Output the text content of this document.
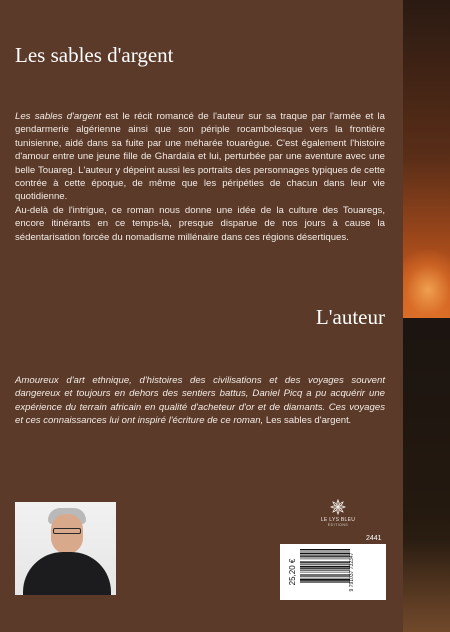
Les sables d'argent

Les sables d'argent est le récit romancé de l'auteur sur sa traque par l'armée et la gendarmerie algérienne ainsi que son périple rocambolesque vers la frontière tunisienne, aidé dans sa fuite par une méharée touarègue. C'est également l'histoire d'amour entre une jeune fille de Ghardaïa et lui, perturbée par une aventure avec une belle Touareg. L'auteur y dépeint aussi les portraits des personnages typiques de cette contrée à cette époque, de même que les péripéties de chacun dans leur vie quotidienne.

Au-delà de l'intrigue, ce roman nous donne une idée de la culture des Touaregs, encore itinérants en ce temps-là, presque disparue de nos jours à cause la sédentarisation forcée du nomadisme millénaire dans ces régions désertiques.

L'auteur

Amoureux d'art ethnique, d'histoires des civilisations et des voyages souvent dangereux et toujours en dehors des sentiers battus, Daniel Picq a pu acquérir une expérience du terrain africain en qualité d'acheteur d'or et de diamants. Ces voyages et ces connaissances lui ont inspiré l'écriture de ce roman, Les sables d'argent.

LE LYS BLEU
ÉDITIONS
2441
25,20 €	9 791037 732347
